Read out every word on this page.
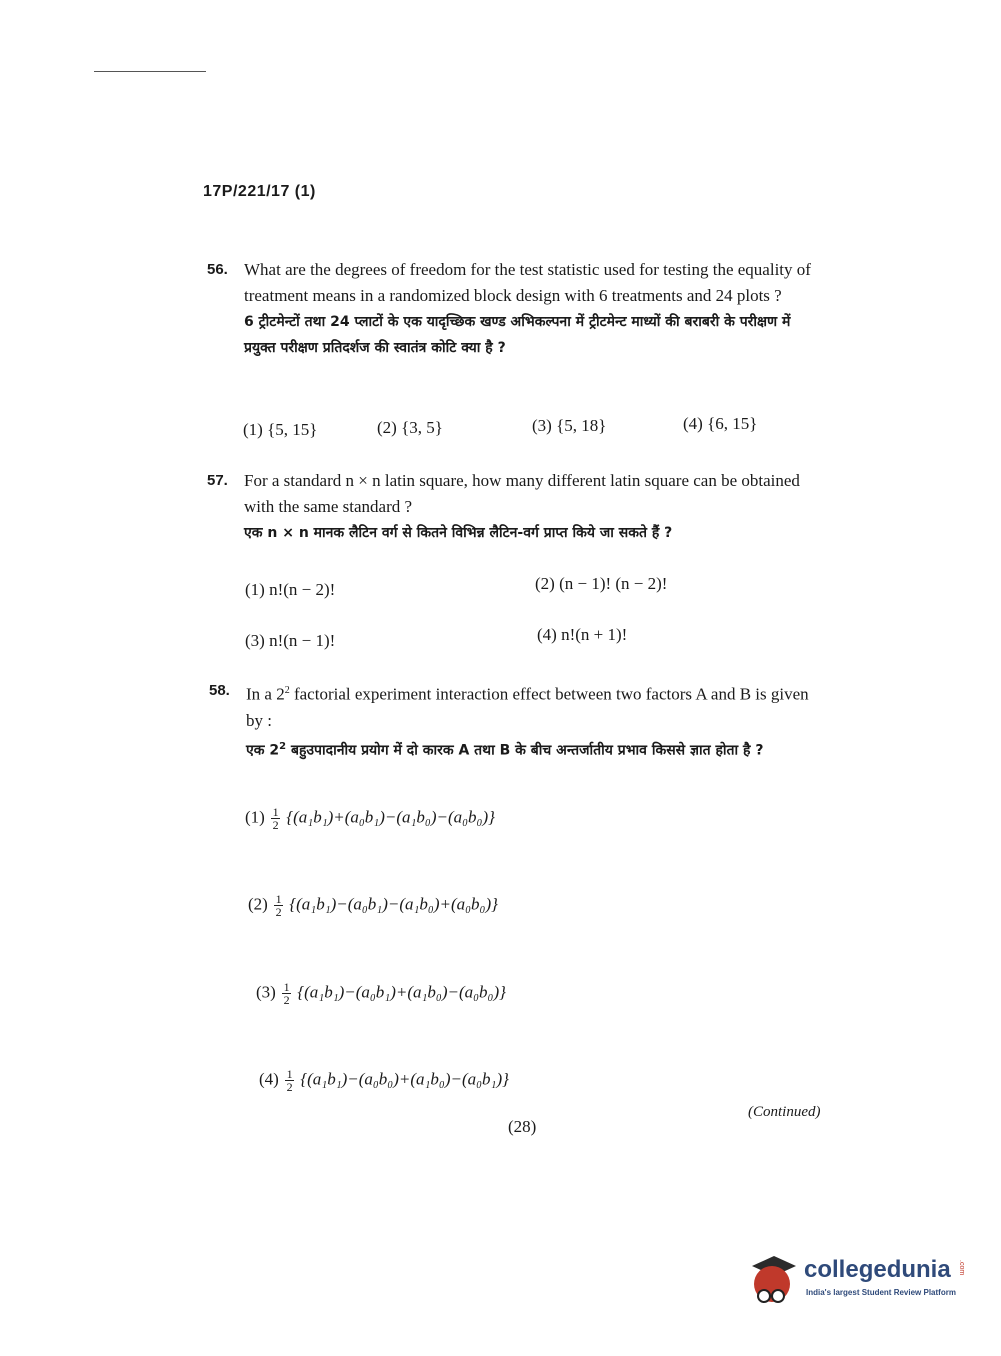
17P/221/17 (1)
56. What are the degrees of freedom for the test statistic used for testing the equality of treatment means in a randomized block design with 6 treatments and 24 plots ?
6 ट्रीटमेन्टों तथा 24 प्लाटों के एक यादृच्छिक खण्ड अभिकल्पना में ट्रीटमेन्ट माध्यों की बराबरी के परीक्षण में प्रयुक्त परीक्षण प्रतिदर्शज की स्वातंत्र कोटि क्या है ?
(1) {5, 15}	(2) {3, 5}	(3) {5, 18}	(4) {6, 15}
57. For a standard n × n latin square, how many different latin square can be obtained with the same standard ?
एक n × n मानक लैटिन वर्ग से कितने विभिन्न लैटिन-वर्ग प्राप्त किये जा सकते हैं ?
(1) n!(n − 2)!	(2) (n − 1)! (n − 2)!
(3) n!(n − 1)!	(4) n!(n + 1)!
58. In a $2^2$ factorial experiment interaction effect between two factors A and B is given by :
एक $2^2$ बहुउपादानीय प्रयोग में दो कारक A तथा B के बीच अन्तर्जातीय प्रभाव किससे ज्ञात होता है ?
$(1) \frac{1}{2} \{(a_1b_1)+(a_0b_1)-(a_1b_0)-(a_0b_0)\}$
$(2) \frac{1}{2} \{(a_1b_1)-(a_0b_1)-(a_1b_0)+(a_0b_0)\}$
$(3) \frac{1}{2} \{(a_1b_1)-(a_0b_1)+(a_1b_0)-(a_0b_0)\}$
$(4) \frac{1}{2} \{(a_1b_1)-(a_0b_0)+(a_1b_0)-(a_0b_1)\}$
(Continued)
(28)
collegedunia .com
India's largest Student Review Platform
